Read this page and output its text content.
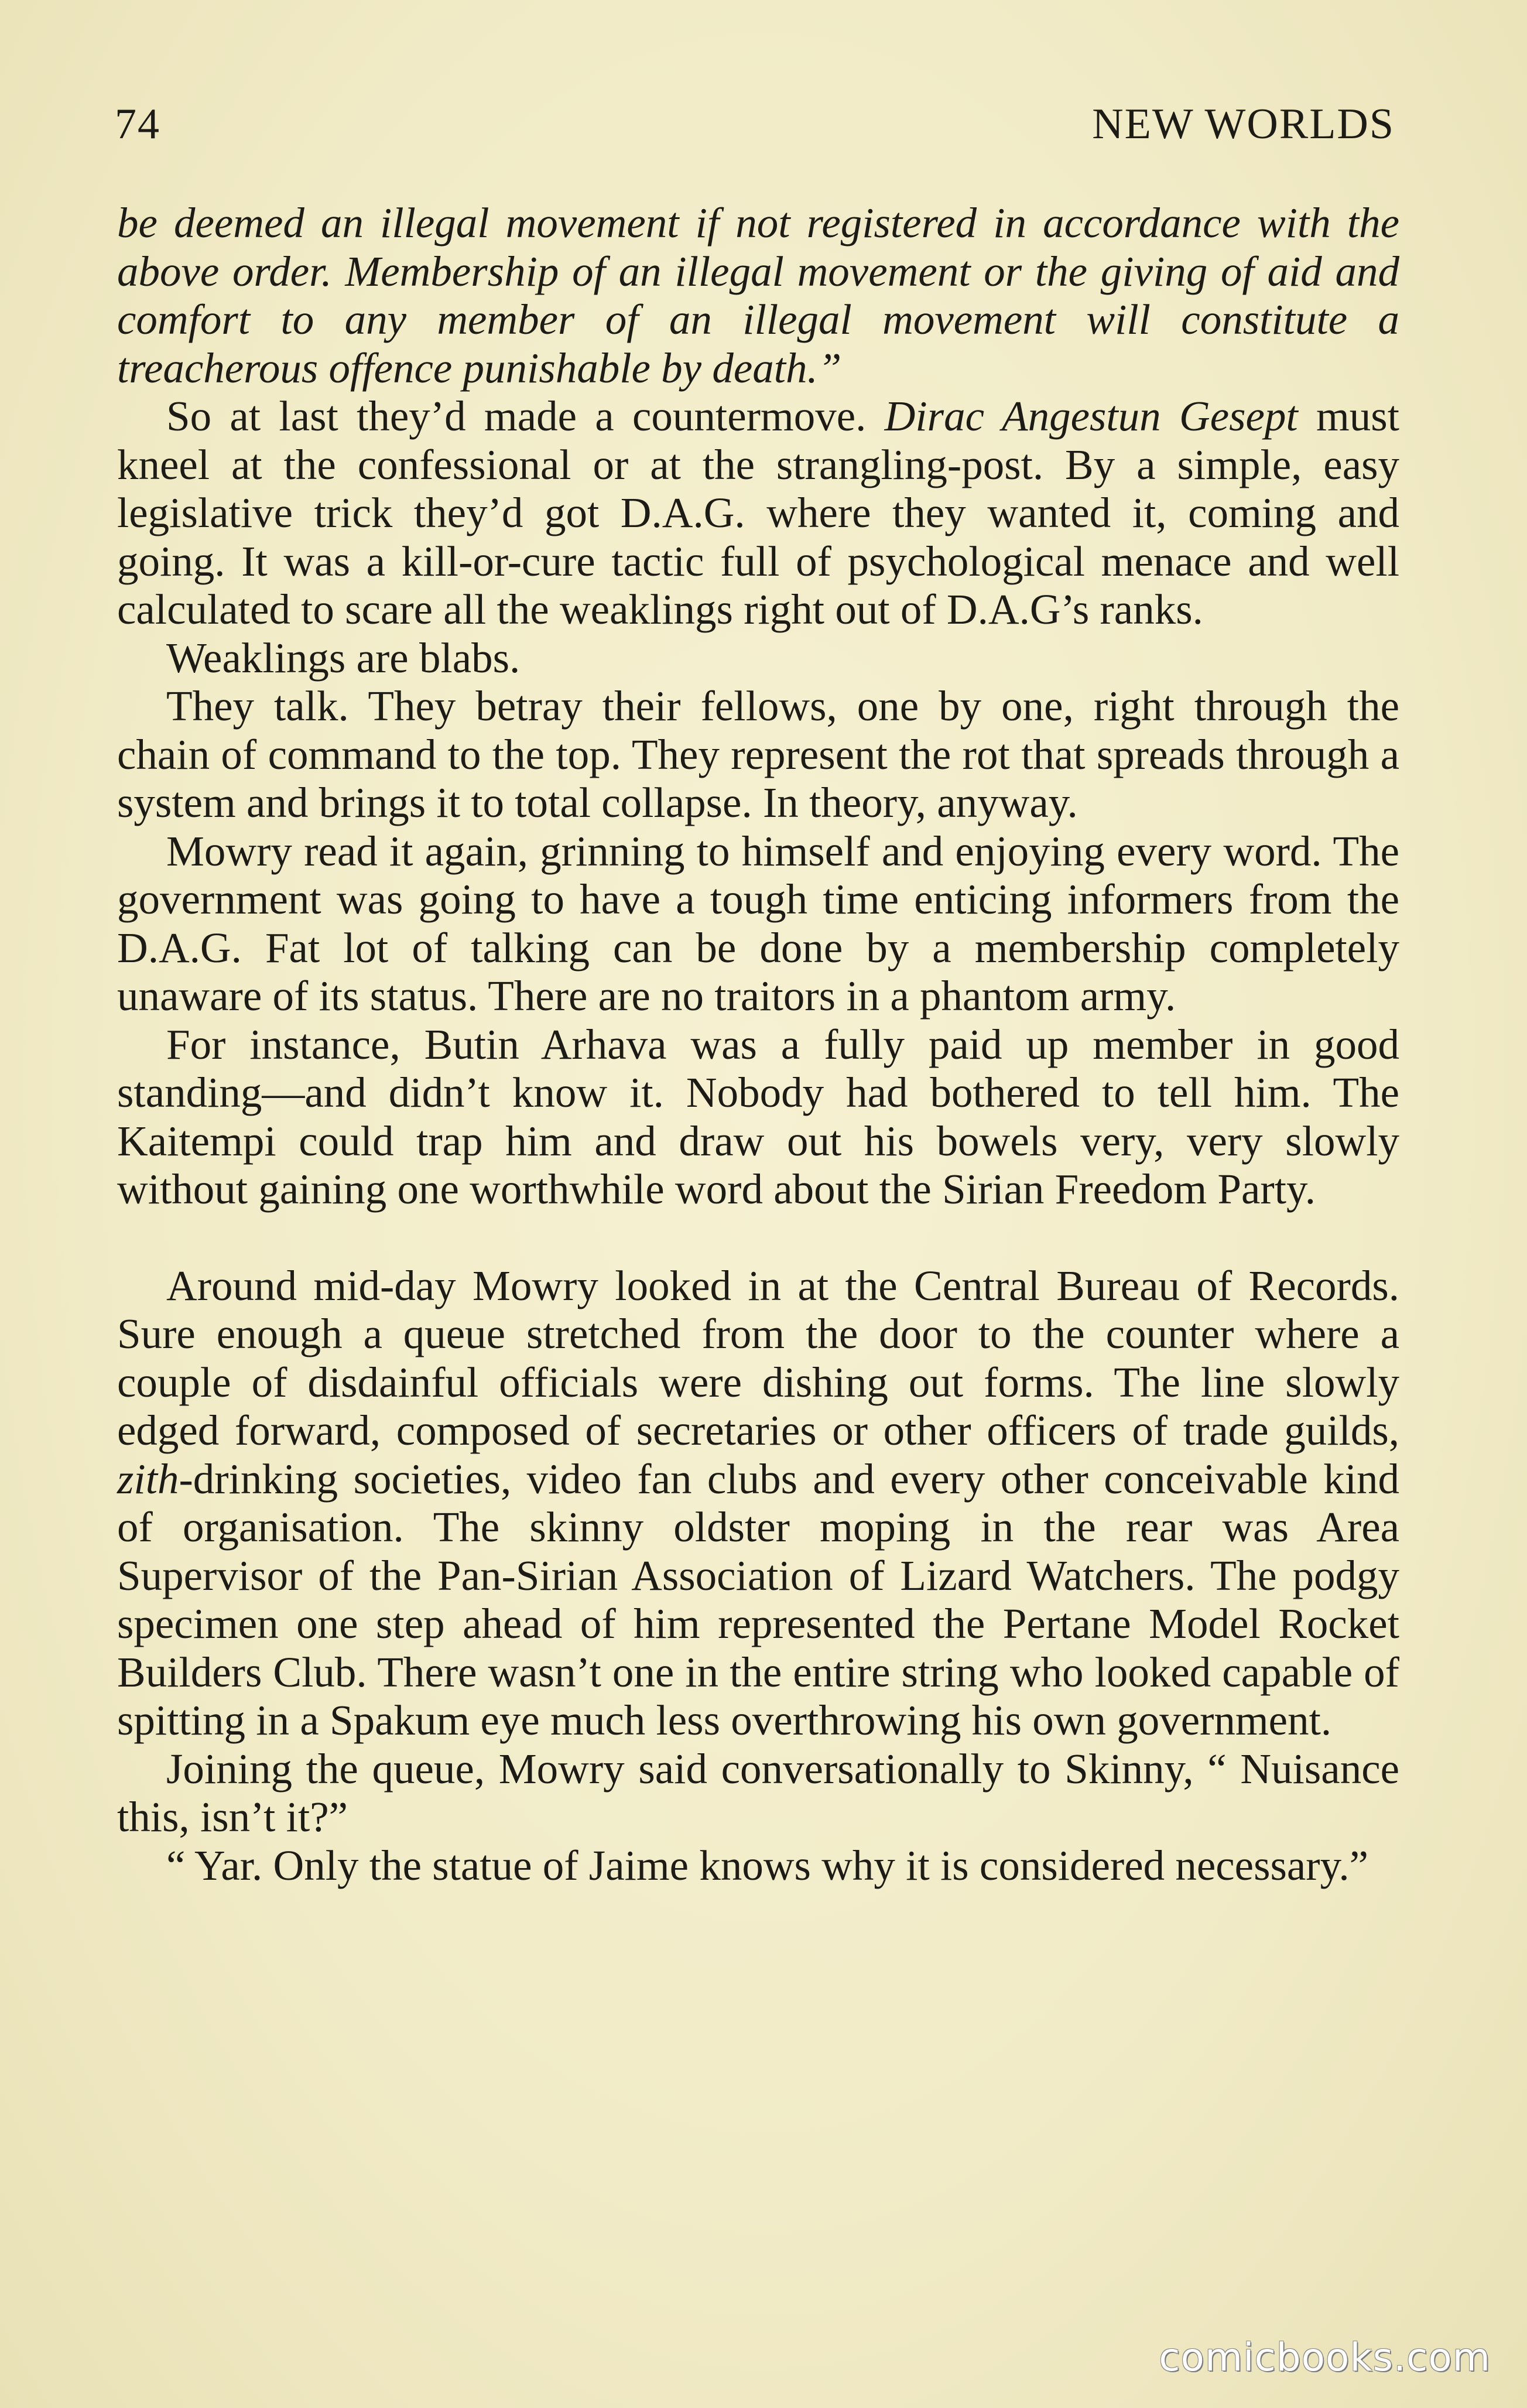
74	NEW WORLDS

be deemed an illegal movement if not registered in accordance with the above order. Membership of an illegal movement or the giving of aid and comfort to any member of an illegal movement will constitute a treacherous offence punishable by death.”

So at last they’d made a countermove. Dirac Angestun Gesept must kneel at the confessional or at the strangling-post. By a simple, easy legislative trick they’d got D.A.G. where they wanted it, coming and going. It was a kill-or-cure tactic full of psychological menace and well calculated to scare all the weaklings right out of D.A.G’s ranks.

Weaklings are blabs.

They talk. They betray their fellows, one by one, right through the chain of command to the top. They represent the rot that spreads through a system and brings it to total collapse. In theory, anyway.

Mowry read it again, grinning to himself and enjoying every word. The government was going to have a tough time enticing informers from the D.A.G. Fat lot of talking can be done by a membership completely unaware of its status. There are no traitors in a phantom army.

For instance, Butin Arhava was a fully paid up member in good standing—and didn’t know it. Nobody had bothered to tell him. The Kaitempi could trap him and draw out his bowels very, very slowly without gaining one worthwhile word about the Sirian Freedom Party.

Around mid-day Mowry looked in at the Central Bureau of Records. Sure enough a queue stretched from the door to the counter where a couple of disdainful officials were dishing out forms. The line slowly edged forward, composed of secretaries or other officers of trade guilds, zith-drinking societies, video fan clubs and every other conceivable kind of organisation. The skinny oldster moping in the rear was Area Supervisor of the Pan-Sirian Association of Lizard Watchers. The podgy specimen one step ahead of him represented the Pertane Model Rocket Builders Club. There wasn’t one in the entire string who looked capable of spitting in a Spakum eye much less overthrowing his own government.

Joining the queue, Mowry said conversationally to Skinny, “ Nuisance this, isn’t it?”

“ Yar. Only the statue of Jaime knows why it is considered necessary.”

comicbooks.com
